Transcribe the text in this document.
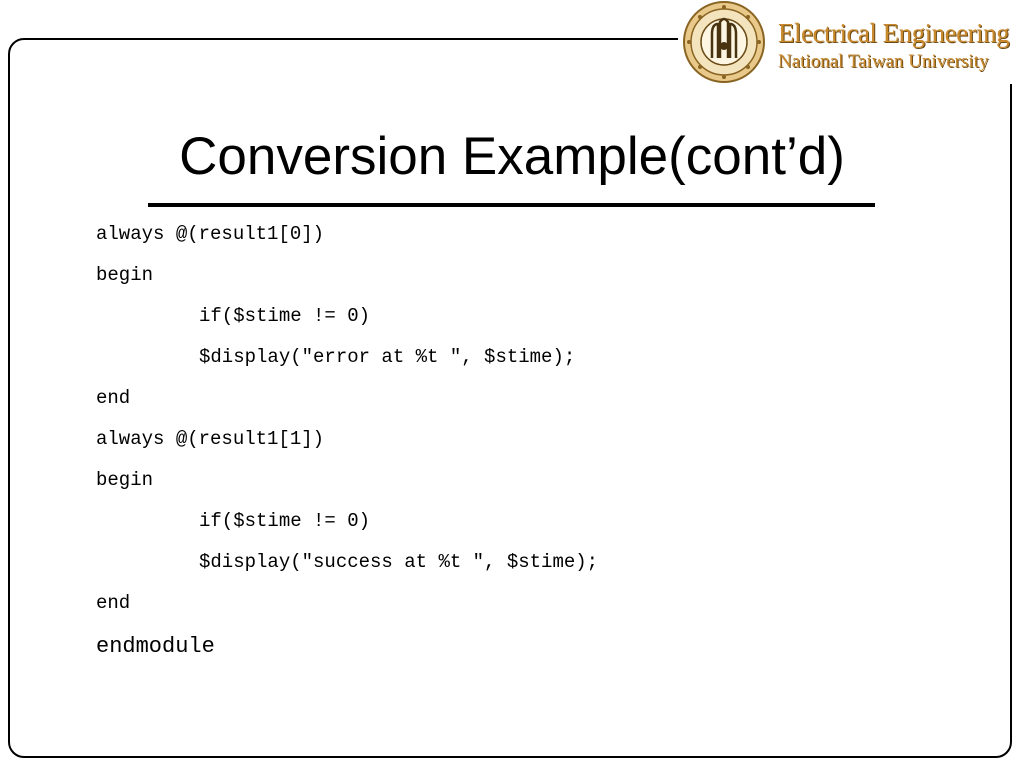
Electrical Engineering
National Taiwan University
Conversion Example(cont’d)
always @(result1[0])
begin
if($stime != 0)
$display("error at %t ", $stime);
end
always @(result1[1])
begin
if($stime != 0)
$display("success at %t ", $stime);
end
endmodule
